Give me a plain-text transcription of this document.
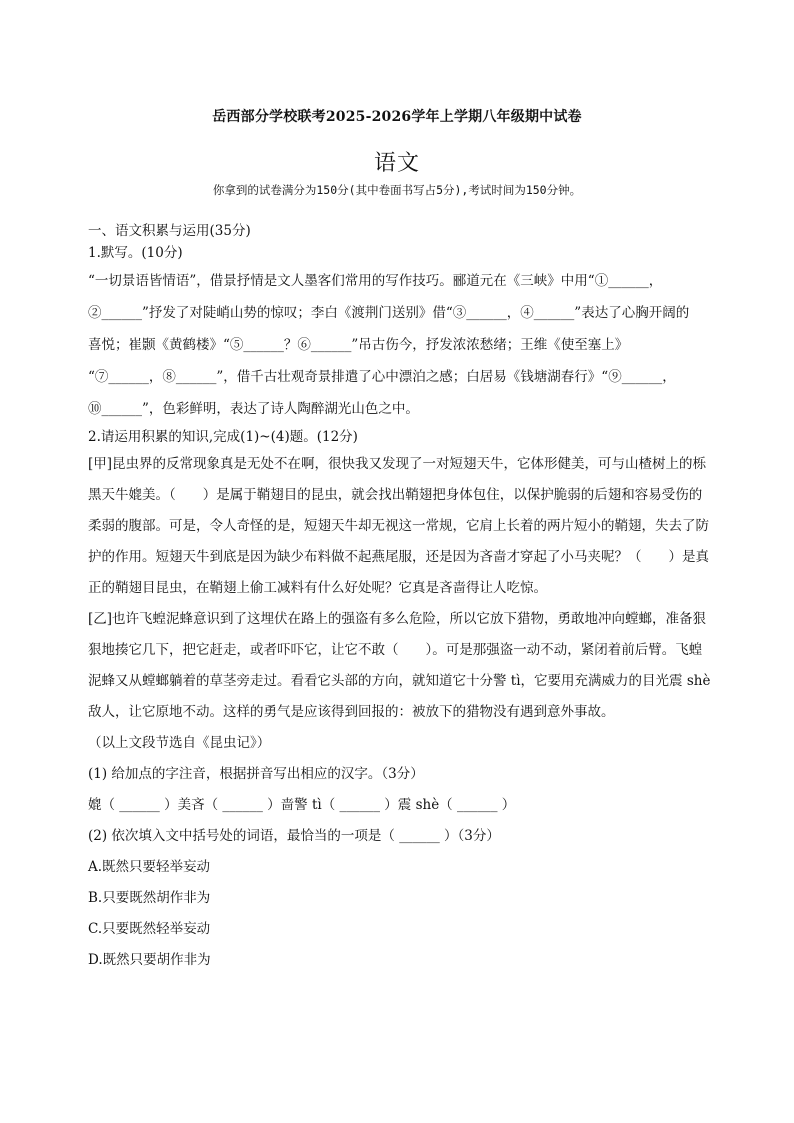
岳西部分学校联考2025-2026学年上学期八年级期中试卷
语文
你拿到的试卷满分为150分(其中卷面书写占5分),考试时间为150分钟。

一、语文积累与运用(35分)

1.默写。(10分)

“一切景语皆情语”，借景抒情是文人墨客们常用的写作技巧。郦道元在《三峡》中用“①______，

②______”抒发了对陡峭山势的惊叹；李白《渡荆门送别》借“③______，④______”表达了心胸开阔的

喜悦；崔颢《黄鹤楼》“⑤______？⑥______”吊古伤今，抒发浓浓愁绪；王维《使至塞上》

“⑦______，⑧______”，借千古壮观奇景排遣了心中漂泊之感；白居易《钱塘湖春行》“⑨______，

⑩______”，色彩鲜明，表达了诗人陶醉湖光山色之中。

2.请运用积累的知识,完成(1)~(4)题。(12分)

[甲]昆虫界的反常现象真是无处不在啊，很快我又发现了一对短翅天牛，它体形健美，可与山楂树上的栎

黑天牛媲美。（　　）是属于鞘翅目的昆虫，就会找出鞘翅把身体包住，以保护脆弱的后翅和容易受伤的

柔弱的腹部。可是，令人奇怪的是，短翅天牛却无视这一常规，它肩上长着的两片短小的鞘翅，失去了防

护的作用。短翅天牛到底是因为缺少布料做不起燕尾服，还是因为吝啬才穿起了小马夹呢？（　　）是真

正的鞘翅目昆虫，在鞘翅上偷工减料有什么好处呢？它真是吝啬得让人吃惊。

[乙]也许飞蝗泥蜂意识到了这埋伏在路上的强盗有多么危险，所以它放下猎物，勇敢地冲向螳螂，准备狠

狠地揍它几下，把它赶走，或者吓吓它，让它不敢（　　）。可是那强盗一动不动，紧闭着前后臂。飞蝗

泥蜂又从螳螂躺着的草茎旁走过。看看它头部的方向，就知道它十分警 tì，它要用充满威力的目光震 shè

敌人，让它原地不动。这样的勇气是应该得到回报的：被放下的猎物没有遇到意外事故。

（以上文段节选自《昆虫记》）

(1) 给加点的字注音，根据拼音写出相应的汉字。（3分）

媲（ ______ ）美吝（ ______ ）啬警 tì（ ______ ）震 shè（ ______ ）

(2) 依次填入文中括号处的词语，最恰当的一项是（ ______ ）（3分）

A.既然只要轻举妄动

B.只要既然胡作非为

C.只要既然轻举妄动

D.既然只要胡作非为
